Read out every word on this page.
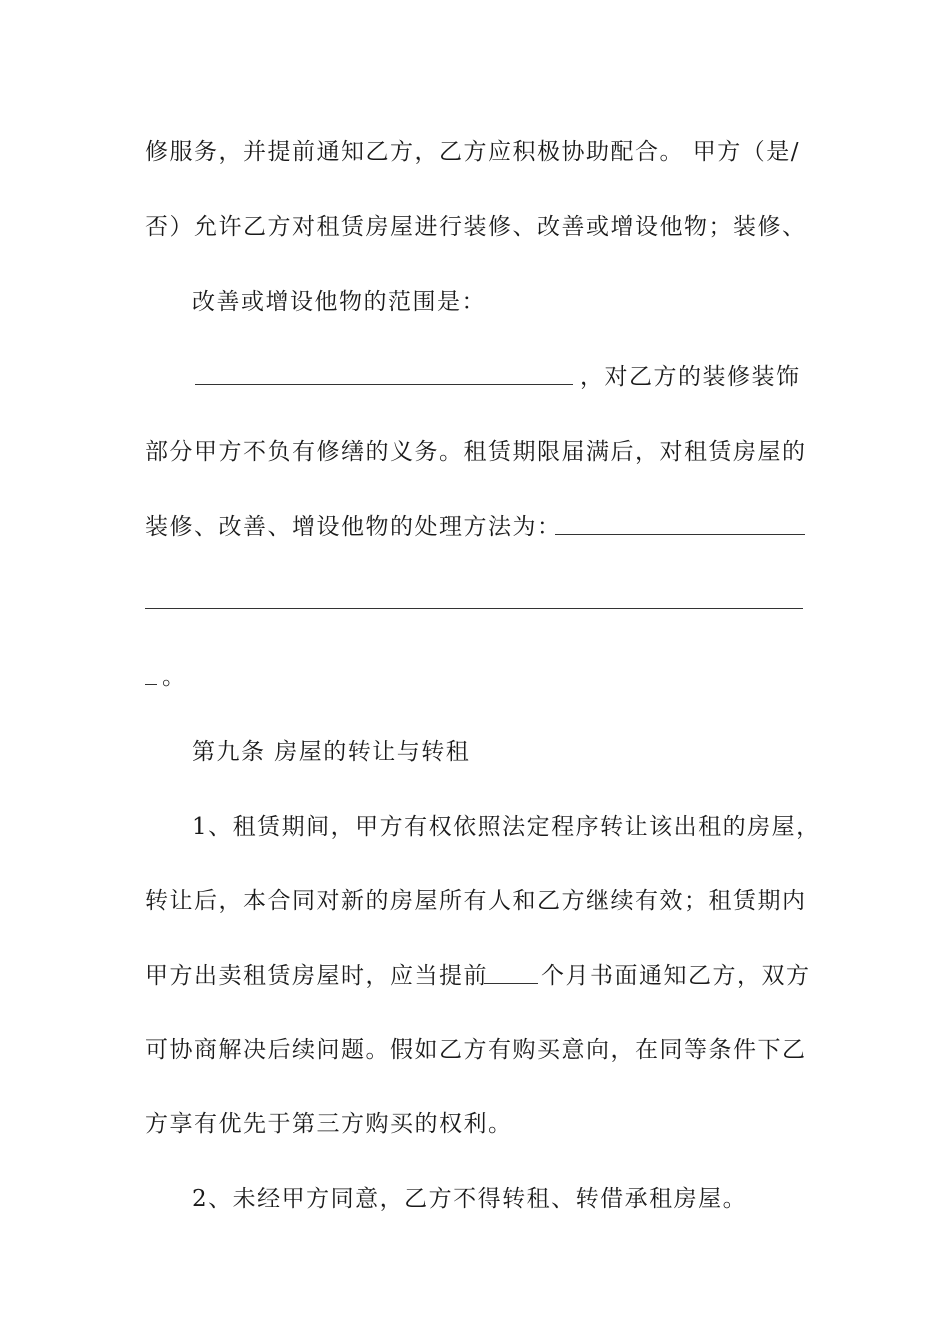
修服务，并提前通知乙方，乙方应积极协助配合。 甲方（是/
否）允许乙方对租赁房屋进行装修、改善或增设他物；装修、
改善或增设他物的范围是：
，对乙方的装修装饰
部分甲方不负有修缮的义务。租赁期限届满后，对租赁房屋的
装修、改善、增设他物的处理方法为：
。
第九条 房屋的转让与转租
1、租赁期间，甲方有权依照法定程序转让该出租的房屋，
转让后，本合同对新的房屋所有人和乙方继续有效；租赁期内
甲方出卖租赁房屋时，应当提前 个月书面通知乙方，双方
可协商解决后续问题。假如乙方有购买意向，在同等条件下乙
方享有优先于第三方购买的权利。
2、未经甲方同意，乙方不得转租、转借承租房屋。
